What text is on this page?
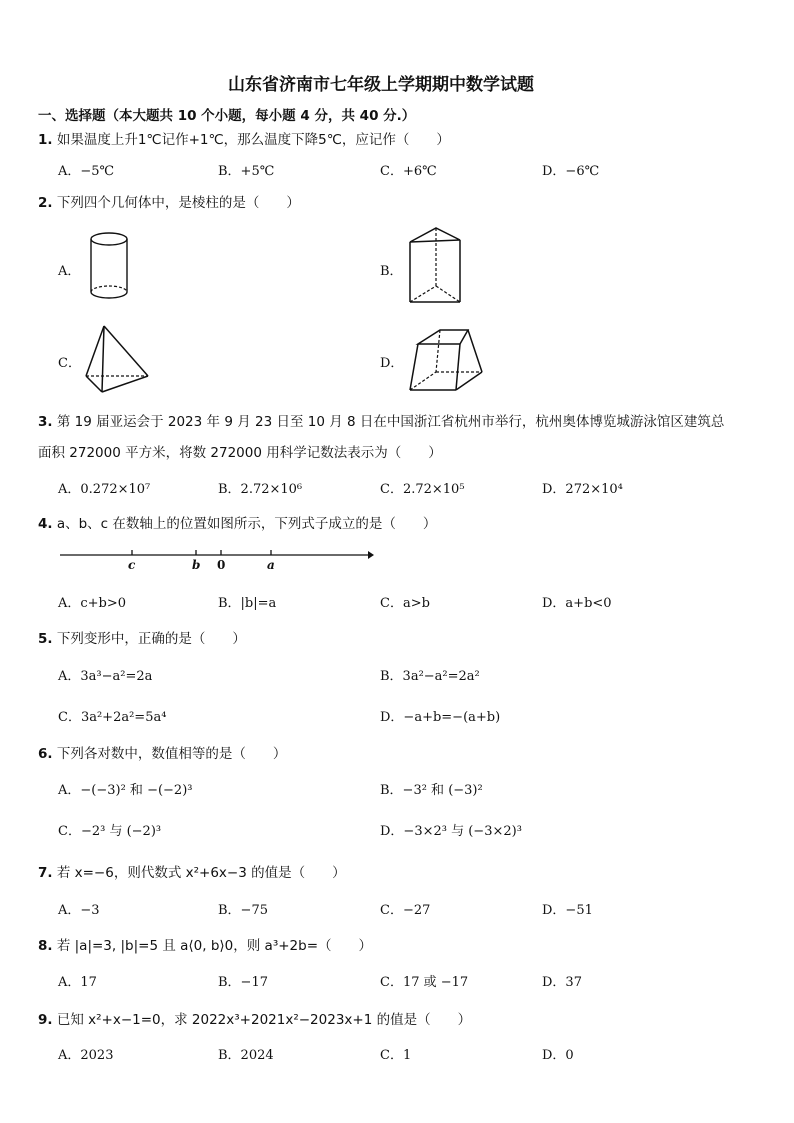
山东省济南市七年级上学期期中数学试题
一、选择题（本大题共 10 个小题，每小题 4 分，共 40 分.）
1. 如果温度上升1℃记作+1℃，那么温度下降5℃，应记作（　　）
A．−5℃	B．+5℃	C．+6℃	D．−6℃
2. 下列四个几何体中，是棱柱的是（　　）
A．	B．
C．	D．
3. 第 19 届亚运会于 2023 年 9 月 23 日至 10 月 8 日在中国浙江省杭州市举行，杭州奥体博览城游泳馆区建筑总
面积 272000 平方米，将数 272000 用科学记数法表示为（　　）
A．0.272×10⁷	B．2.72×10⁶	C．2.72×10⁵	D．272×10⁴
4. a、b、c 在数轴上的位置如图所示，下列式子成立的是（　　）
c	b 0	a
A．c+b>0	B．|b|=a	C．a>b	D．a+b<0
5. 下列变形中，正确的是（　　）
A．3a³−a²=2a	B．3a²−a²=2a²
C．3a²+2a²=5a⁴	D．−a+b=−(a+b)
6. 下列各对数中，数值相等的是（　　）
A．−(−3)² 和 −(−2)³	B．−3² 和 (−3)²
C．−2³ 与 (−2)³	D．−3×2³ 与 (−3×2)³
7. 若 x=−6，则代数式 x²+6x−3 的值是（　　）
A．−3	B．−75	C．−27	D．−51
8. 若 |a|=3, |b|=5 且 a⟨0, b⟩0，则 a³+2b=（　　）
A．17	B．−17	C．17 或 −17	D．37
9. 已知 x²+x−1=0，求 2022x³+2021x²−2023x+1 的值是（　　）
A．2023	B．2024	C．1	D．0
